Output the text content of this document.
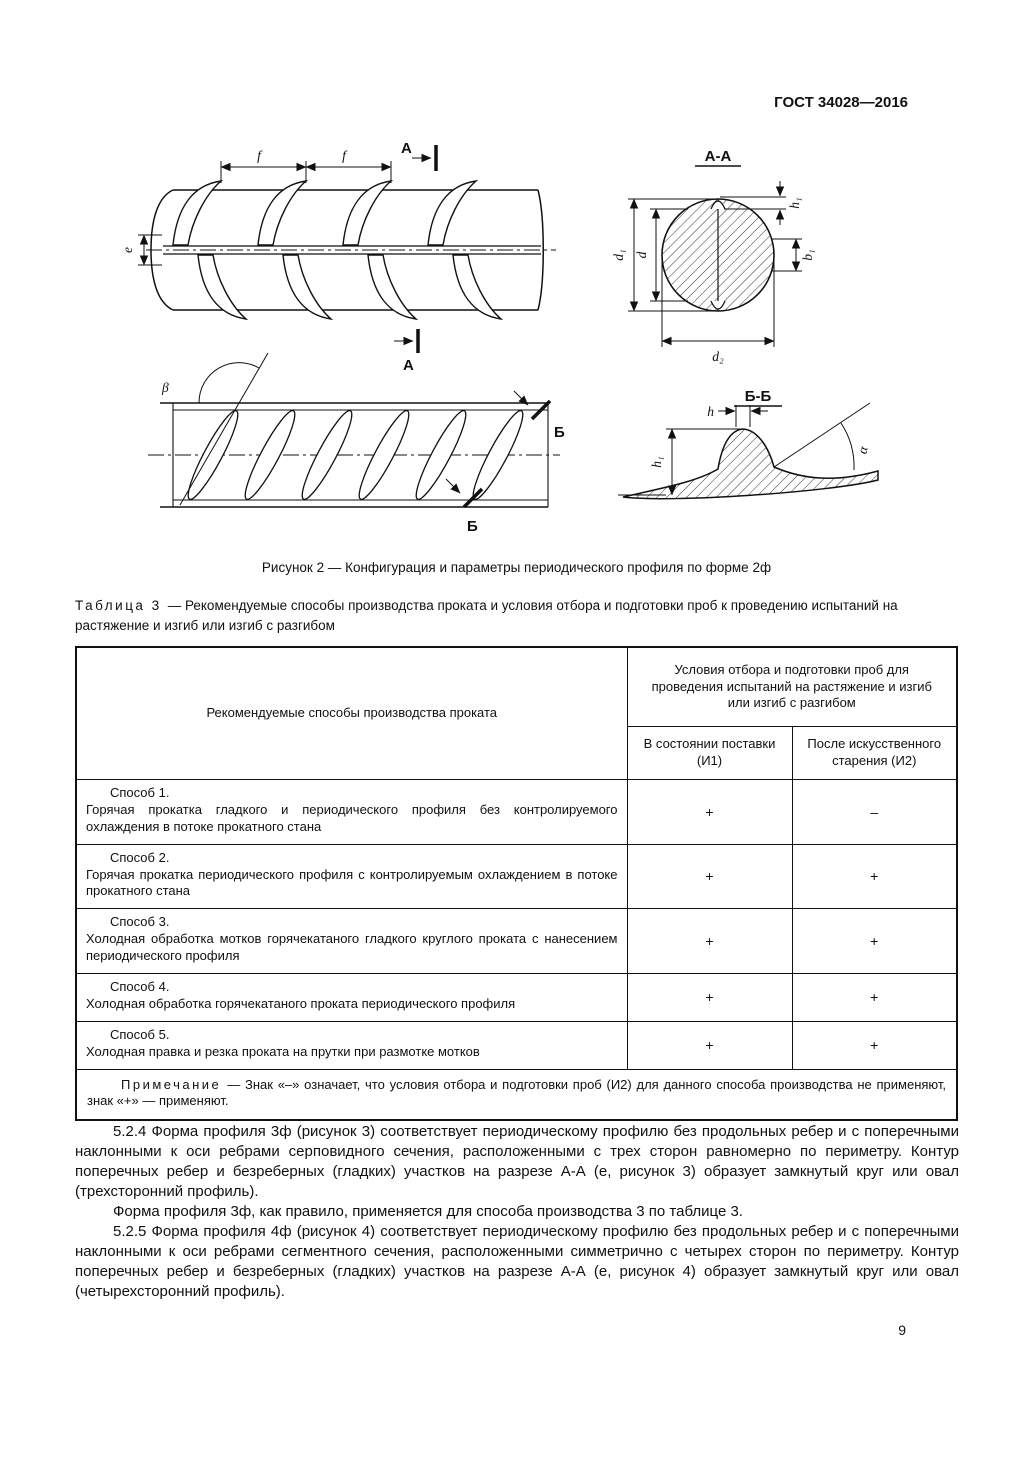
ГОСТ 34028—2016
f	f	А
А
e
А-А
d₁ d
d₂
h₁
b₁
β
Б
Б
Б-Б
h
h₁
α
Рисунок 2 — Конфигурация и параметры периодического профиля по форме 2ф
Таблица 3 — Рекомендуемые способы производства проката и условия отбора и подготовки проб к проведению испытаний на растяжение и изгиб или изгиб с разгибом
Рекомендуемые способы производства проката	Условия отбора и подготовки проб для проведения испытаний на растяжение и изгиб или изгиб с разгибом	
	В состоянии поставки (И1)	После искусственного старения (И2)

Способ 1.
Горячая прокатка гладкого и периодического профиля без контролируемого охлаждения в потоке прокатного стана	+	–

Способ 2.
Горячая прокатка периодического профиля с контролируемым охлаждением в потоке прокатного стана	+	+

Способ 3.
Холодная обработка мотков горячекатаного гладкого круглого проката с нанесением периодического профиля	+	+

Способ 4.
Холодная обработка горячекатаного проката периодического профиля	+	+

Способ 5.
Холодная правка и резка проката на прутки при размотке мотков	+	+

Примечание — Знак «–» означает, что условия отбора и подготовки проб (И2) для данного способа производства не применяют, знак «+» — применяют.		

5.2.4 Форма профиля 3ф (рисунок 3) соответствует периодическому профилю без продольных ребер и с поперечными наклонными к оси ребрами серповидного сечения, расположенными с трех сторон равномерно по периметру. Контур поперечных ребер и безреберных (гладких) участков на разрезе А-А (е, рисунок 3) образует замкнутый круг или овал (трехсторонний профиль).

Форма профиля 3ф, как правило, применяется для способа производства 3 по таблице 3.

5.2.5 Форма профиля 4ф (рисунок 4) соответствует периодическому профилю без продольных ребер и с поперечными наклонными к оси ребрами сегментного сечения, расположенными симметрично с четырех сторон по периметру. Контур поперечных ребер и безреберных (гладких) участков на разрезе А-А (е, рисунок 4) образует замкнутый круг или овал (четырехсторонний профиль).

9
